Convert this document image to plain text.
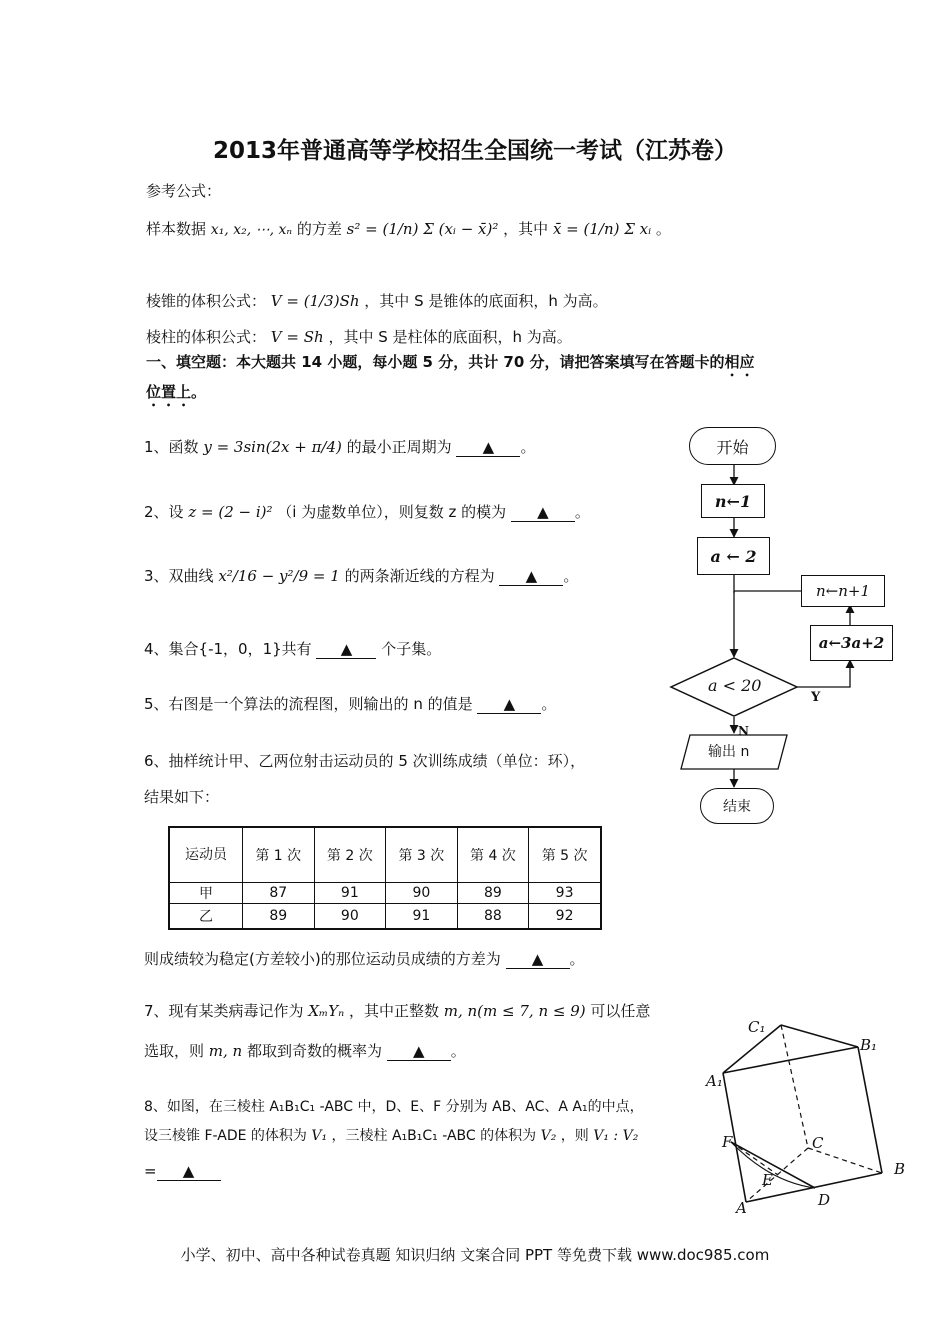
2013年普通高等学校招生全国统一考试（江苏卷）
参考公式：
样本数据 x₁, x₂, ⋯, xₙ 的方差 s² = (1/n) Σ (xᵢ − x̄)² ，其中 x̄ = (1/n) Σ xᵢ 。
棱锥的体积公式： V = (1/3)Sh ，其中 S 是锥体的底面积，h 为高。
棱柱的体积公式： V = Sh ，其中 S 是柱体的底面积，h 为高。
一、填空题：本大题共 14 小题，每小题 5 分，共计 70 分，请把答案填写在答题卡的相应
位置上。
1、函数 y = 3sin(2x + π/4) 的最小正周期为 ▲ 。
2、设 z = (2 − i)² （i 为虚数单位），则复数 z 的模为 ▲ 。
3、双曲线 x²/16 − y²/9 = 1 的两条渐近线的方程为 ▲ 。
4、集合{-1，0，1}共有 ▲ 个子集。
5、右图是一个算法的流程图，则输出的 n 的值是 ▲ 。
6、抽样统计甲、乙两位射击运动员的 5 次训练成绩（单位：环），
结果如下：
运动员	第 1 次	第 2 次	第 3 次	第 4 次	第 5 次
甲	87	91	90	89	93
乙	89	90	91	88	92
则成绩较为稳定(方差较小)的那位运动员成绩的方差为 ▲ 。
7、现有某类病毒记作为 XₘYₙ ，其中正整数 m, n(m ≤ 7, n ≤ 9) 可以任意
选取，则 m, n 都取到奇数的概率为 ▲ 。
8、如图，在三棱柱 A₁B₁C₁ -ABC 中，D、E、F 分别为 AB、AC、A A₁的中点，
设三棱锥 F-ADE 的体积为 V₁ ，三棱柱 A₁B₁C₁ -ABC 的体积为 V₂ ，则 V₁ : V₂
= ▲
开始
n←1
a ← 2
n←n+1
a←3a+2
a < 20
Y
N
输出 n
结束
C₁
B₁
A₁
F	C
E
B
A	D
小学、初中、高中各种试卷真题 知识归纳 文案合同 PPT 等免费下载 www.doc985.com
